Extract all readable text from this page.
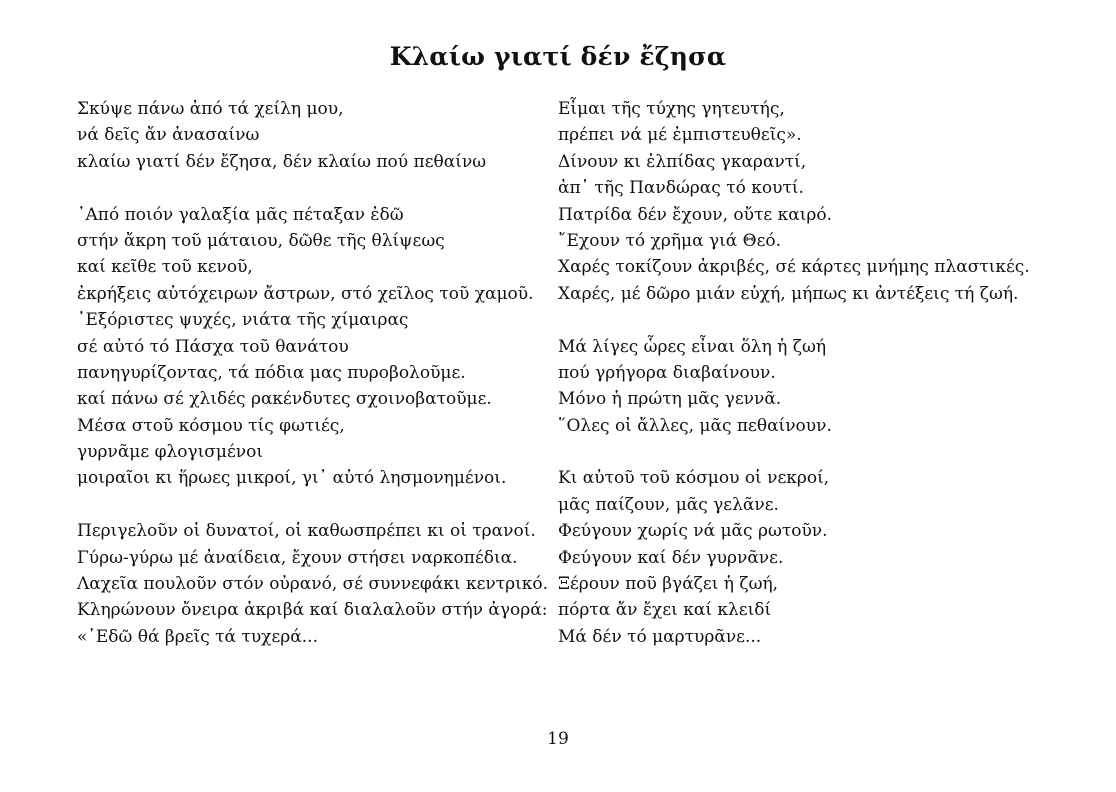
Κλαίω γιατί δέν ἔζησα
Σκύψε πάνω ἀπό τά χείλη μου,
νά δεῖς ἄν ἀνασαίνω
κλαίω γιατί δέν ἔζησα, δέν κλαίω πού πεθαίνω
᾽Από ποιόν γαλαξία μᾶς πέταξαν ἐδῶ
στήν ἄκρη τοῦ μάταιου, δῶθε τῆς θλίψεως
καί κεῖθε τοῦ κενοῦ,
ἐκρήξεις αὐτόχειρων ἄστρων, στό χεῖλος τοῦ χαμοῦ.
᾽Εξόριστες ψυχές, νιάτα τῆς χίμαιρας
σέ αὐτό τό Πάσχα τοῦ θανάτου
πανηγυρίζοντας, τά πόδια μας πυροβολοῦμε.
καί πάνω σέ χλιδές ρακένδυτες σχοινοβατοῦμε.
Μέσα στοῦ κόσμου τίς φωτιές,
γυρνᾶμε φλογισμένοι
μοιραῖοι κι ἥρωες μικροί, γι᾽ αὐτό λησμονημένοι.
Περιγελοῦν οἱ δυνατοί, οἱ καθωσπρέπει κι οἱ τρανοί.
Γύρω-γύρω μέ ἀναίδεια, ἔχουν στήσει ναρκοπέδια.
Λαχεῖα πουλοῦν στόν οὐρανό, σέ συννεφάκι κεντρικό.
Κληρώνουν ὄνειρα ἀκριβά καί διαλαλοῦν στήν ἀγορά:
«᾽Εδῶ θά βρεῖς τά τυχερά...
Εἶμαι τῆς τύχης γητευτής,
πρέπει νά μέ ἐμπιστευθεῖς».
Δίνουν κι ἐλπίδας γκαραντί,
ἀπ᾽ τῆς Πανδώρας τό κουτί.
Πατρίδα δέν ἔχουν, οὔτε καιρό.
῎Εχουν τό χρῆμα γιά Θεό.
Χαρές τοκίζουν ἀκριβές, σέ κάρτες μνήμης πλαστικές.
Χαρές, μέ δῶρο μιάν εὐχή, μήπως κι ἀντέξεις τή ζωή.
Μά λίγες ὧρες εἶναι ὅλη ἡ ζωή
πού γρήγορα διαβαίνουν.
Μόνο ἡ πρώτη μᾶς γεννᾶ.
῞Ολες οἱ ἄλλες, μᾶς πεθαίνουν.
Κι αὐτοῦ τοῦ κόσμου οἱ νεκροί,
μᾶς παίζουν, μᾶς γελᾶνε.
Φεύγουν χωρίς νά μᾶς ρωτοῦν.
Φεύγουν καί δέν γυρνᾶνε.
Ξέρουν ποῦ βγάζει ἡ ζωή,
πόρτα ἄν ἔχει καί κλειδί
Μά δέν τό μαρτυρᾶνε...
19
